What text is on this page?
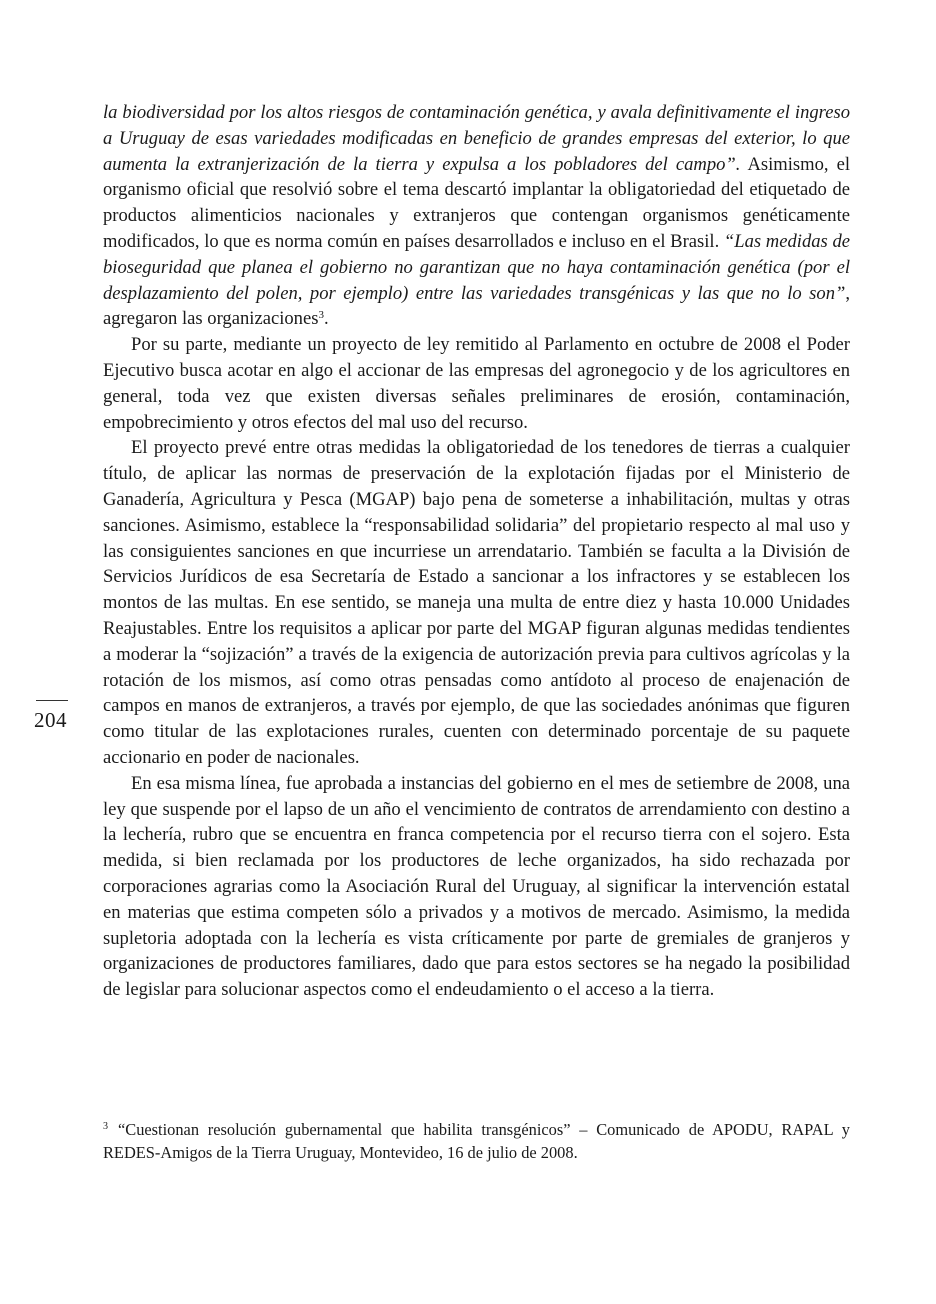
204

la biodiversidad por los altos riesgos de contaminación genética, y avala definitivamente el ingreso a Uruguay de esas variedades modificadas en beneficio de grandes empresas del exterior, lo que aumenta la extranjerización de la tierra y expulsa a los pobladores del campo”. Asimismo, el organismo oficial que resolvió sobre el tema descartó implantar la obligatoriedad del etiquetado de productos alimenticios nacionales y extranjeros que contengan organismos genéticamente modificados, lo que es norma común en países desarrollados e incluso en el Brasil. “Las medidas de bioseguridad que planea el gobierno no garantizan que no haya contaminación genética (por el desplazamiento del polen, por ejemplo) entre las variedades transgénicas y las que no lo son”, agregaron las organizaciones$^3$.

Por su parte, mediante un proyecto de ley remitido al Parlamento en octubre de 2008 el Poder Ejecutivo busca acotar en algo el accionar de las empresas del agronegocio y de los agricultores en general, toda vez que existen diversas señales preliminares de erosión, contaminación, empobrecimiento y otros efectos del mal uso del recurso.

El proyecto prevé entre otras medidas la obligatoriedad de los tenedores de tierras a cualquier título, de aplicar las normas de preservación de la explotación fijadas por el Ministerio de Ganadería, Agricultura y Pesca (MGAP) bajo pena de someterse a inhabilitación, multas y otras sanciones. Asimismo, establece la “responsabilidad solidaria” del propietario respecto al mal uso y las consiguientes sanciones en que incurriese un arrendatario. También se faculta a la División de Servicios Jurídicos de esa Secretaría de Estado a sancionar a los infractores y se establecen los montos de las multas. En ese sentido, se maneja una multa de entre diez y hasta 10.000 Unidades Reajustables. Entre los requisitos a aplicar por parte del MGAP figuran algunas medidas tendientes a moderar la “sojización” a través de la exigencia de autorización previa para cultivos agrícolas y la rotación de los mismos, así como otras pensadas como antídoto al proceso de enajenación de campos en manos de extranjeros, a través por ejemplo, de que las sociedades anónimas que figuren como titular de las explotaciones rurales, cuenten con determinado porcentaje de su paquete accionario en poder de nacionales.

En esa misma línea, fue aprobada a instancias del gobierno en el mes de setiembre de 2008, una ley que suspende por el lapso de un año el vencimiento de contratos de arrendamiento con destino a la lechería, rubro que se encuentra en franca competencia por el recurso tierra con el sojero. Esta medida, si bien reclamada por los productores de leche organizados, ha sido rechazada por corporaciones agrarias como la Asociación Rural del Uruguay, al significar la intervención estatal en materias que estima competen sólo a privados y a motivos de mercado. Asimismo, la medida supletoria adoptada con la lechería es vista críticamente por parte de gremiales de granjeros y organizaciones de productores familiares, dado que para estos sectores se ha negado la posibilidad de legislar para solucionar aspectos como el endeudamiento o el acceso a la tierra.

$^3$ “Cuestionan resolución gubernamental que habilita transgénicos” – Comunicado de APODU, RAPAL y REDES-Amigos de la Tierra Uruguay, Montevideo, 16 de julio de 2008.
